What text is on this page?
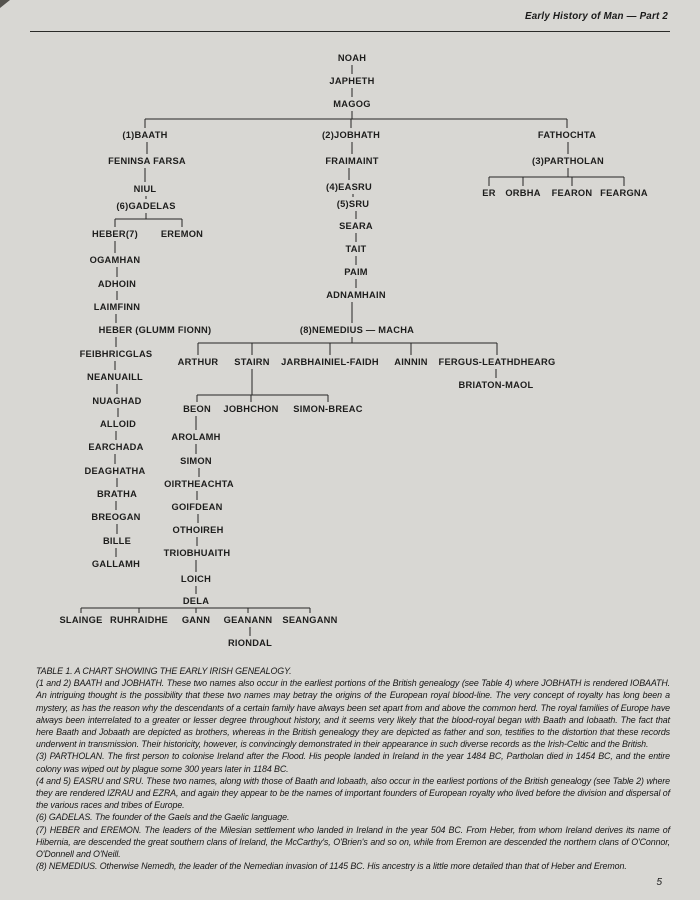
Early History of Man — Part 2
NOAH
JAPHETH
MAGOG
(1)BAATH
FENINSA FARSA
NIUL
(6)GADELAS
(2)JOBHATH
FRAIMAINT
(4)EASRU
(5)SRU
SEARA
TAIT
PAIM
ADNAMHAIN
FATHOCHTA
(3)PARTHOLAN
ER ORBHA FEARON FEARGNA
HEBER(7) EREMON
OGAMHAN
ADHOIN
LAIMFINN
HEBER (GLUMM FIONN)
FEIBHRICGLAS
NEANUAILL
NUAGHAD
ALLOID
EARCHADA
DEAGHATHA
BRATHA
BREOGAN
BILLE
GALLAMH
(8)NEMEDIUS — MACHA
ARTHUR STAIRN JARBHAINIEL-FAIDH AINNIN FERGUS-LEATHDHEARG
BRIATON-MAOL
BEON JOBHCHON SIMON-BREAC
AROLAMH
SIMON
OIRTHEACHTA
GOIFDEAN
OTHOIREH
TRIOBHUAITH
LOICH
DELA
SLAINGE RUHRAIDHE GANN GEANANN SEANGANN
RIONDAL

TABLE 1. A CHART SHOWING THE EARLY IRISH GENEALOGY.

(1 and 2) BAATH and JOBHATH. These two names also occur in the earliest portions of the British genealogy (see Table 4) where JOBHATH is rendered IOBAATH. An intriguing thought is the possibility that these two names may betray the origins of the European royal blood-line. The very concept of royalty has long been a mystery, as has the reason why the descendants of a certain family have always been set apart from and above the common herd. The royal families of Europe have always been interrelated to a greater or lesser degree throughout history, and it seems very likely that the blood-royal began with Baath and Iobaath. The fact that here Baath and Jobaath are depicted as brothers, whereas in the British genealogy they are depicted as father and son, testifies to the distortion that these records underwent in transmission. Their historicity, however, is convincingly demonstrated in their appearance in such diverse records as the Irish-Celtic and the British.

(3) PARTHOLAN. The first person to colonise Ireland after the Flood. His people landed in Ireland in the year 1484 BC, Partholan died in 1454 BC, and the entire colony was wiped out by plague some 300 years later in 1184 BC.

(4 and 5) EASRU and SRU. These two names, along with those of Baath and Iobaath, also occur in the earliest portions of the British genealogy (see Table 2) where they are rendered IZRAU and EZRA, and again they appear to be the names of important founders of European royalty who lived before the division and dispersal of the various races and tribes of Europe.

(6) GADELAS. The founder of the Gaels and the Gaelic language.

(7) HEBER and EREMON. The leaders of the Milesian settlement who landed in Ireland in the year 504 BC. From Heber, from whom Ireland derives its name of Hibernia, are descended the great southern clans of Ireland, the McCarthy's, O'Brien's and so on, while from Eremon are descended the northern clans of O'Connor, O'Donnell and O'Neill.

(8) NEMEDIUS. Otherwise Nemedh, the leader of the Nemedian invasion of 1145 BC. His ancestry is a little more detailed than that of Heber and Eremon.

5
